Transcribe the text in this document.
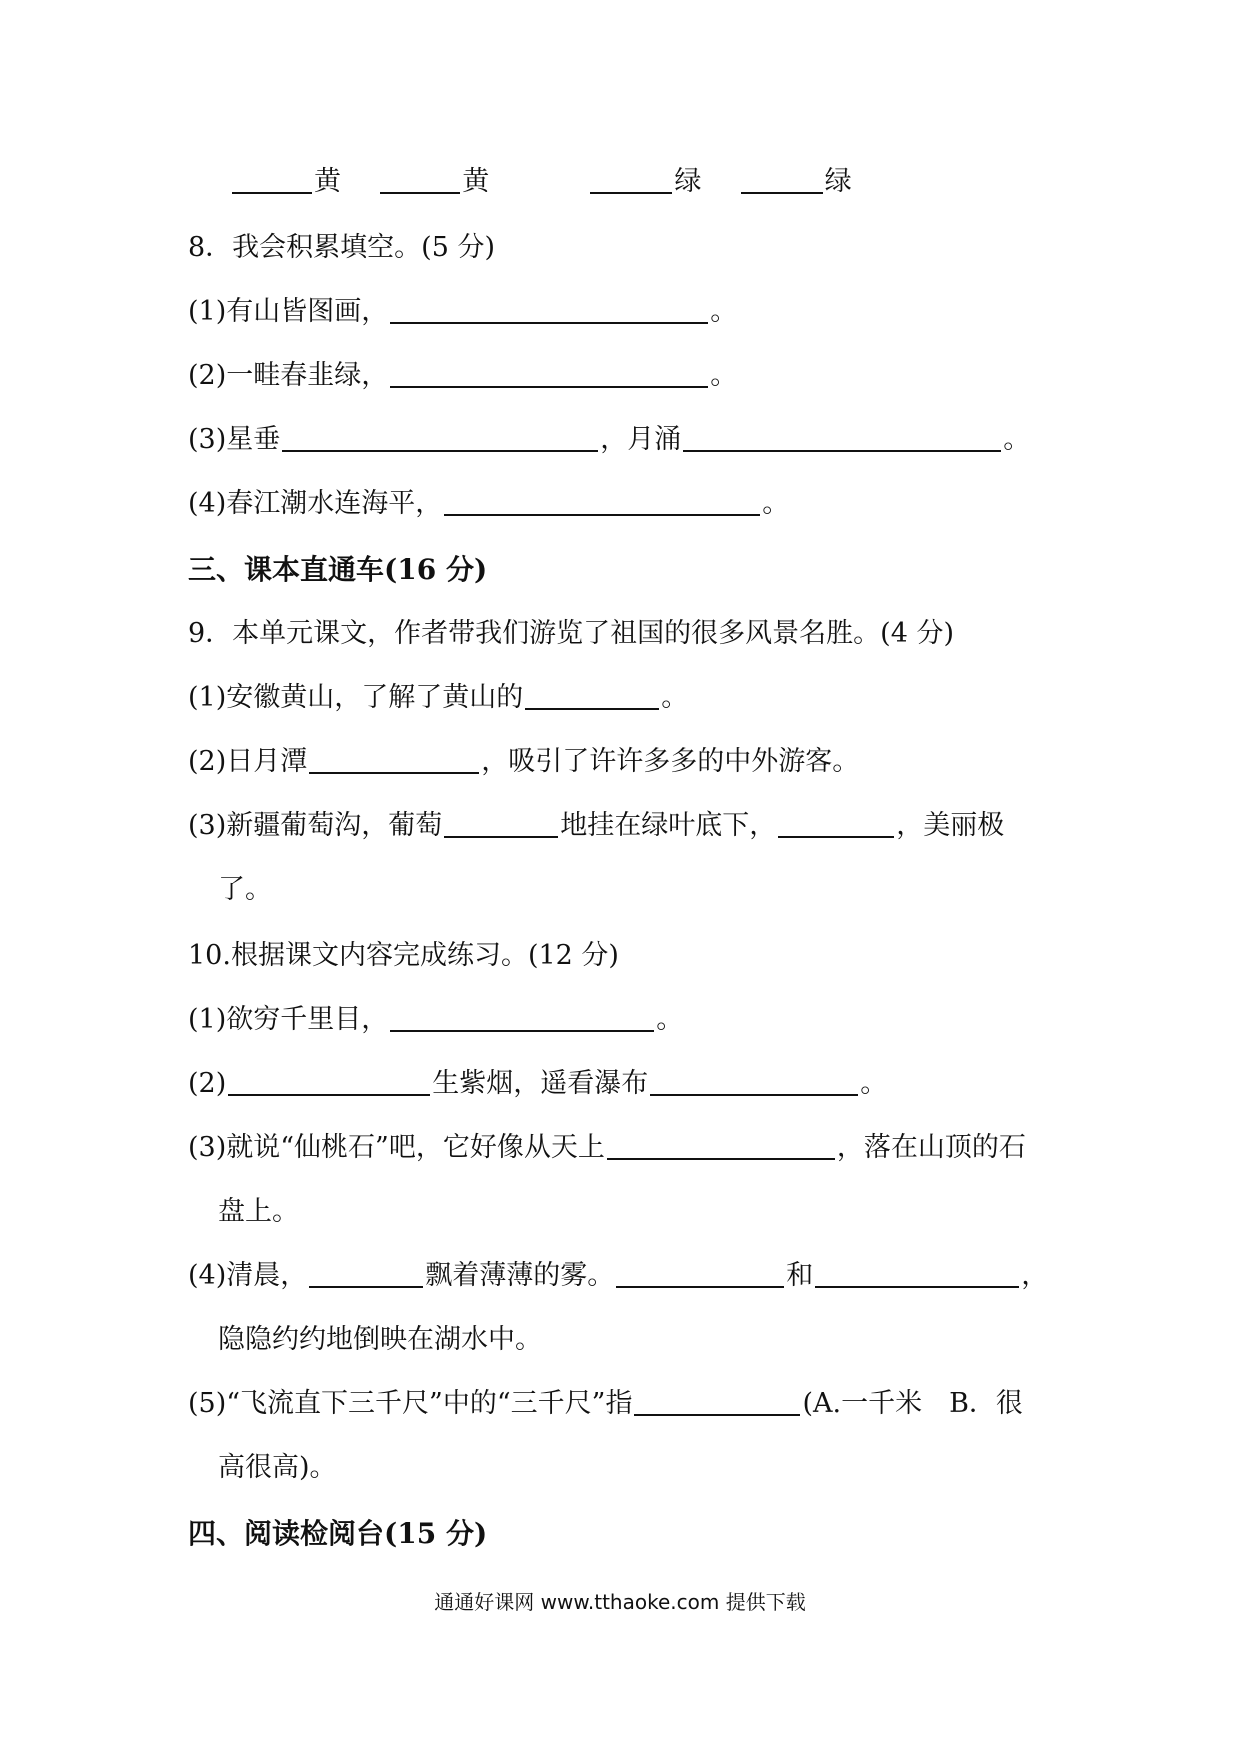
黄	黄	绿	绿
8．我会积累填空。(5 分)
(1)有山皆图画，	。
(2)一畦春韭绿，	。
(3)星垂	，月涌	。
(4)春江潮水连海平，	。
三、课本直通车(16 分)
9．本单元课文，作者带我们游览了祖国的很多风景名胜。(4 分)
(1)安徽黄山，了解了黄山的	。
(2)日月潭	，吸引了许许多多的中外游客。
(3)新疆葡萄沟，葡萄	地挂在绿叶底下，	，美丽极
了。
10.根据课文内容完成练习。(12 分)
(1)欲穷千里目，	。
(2)	生紫烟，遥看瀑布	。
(3)就说“仙桃石”吧，它好像从天上	，落在山顶的石
盘上。
(4)清晨，	飘着薄薄的雾。	和	，
隐隐约约地倒映在湖水中。
(5)“飞流直下三千尺”中的“三千尺”指	(A.一千米　B．很
高很高)。
四、阅读检阅台(15 分)
通通好课网 www.tthaoke.com 提供下载
